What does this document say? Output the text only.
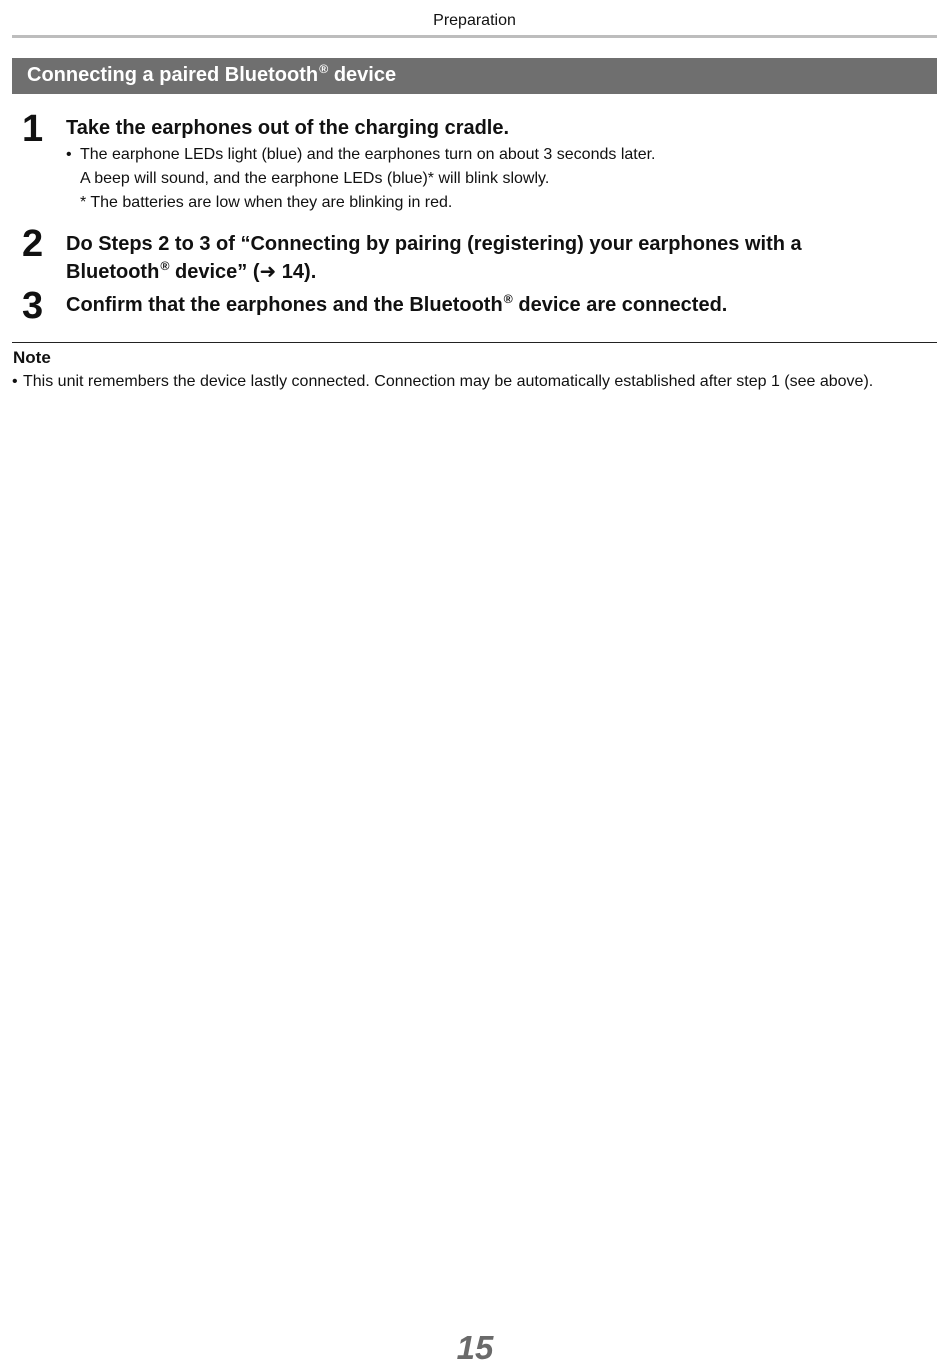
Preparation
Connecting a paired Bluetooth® device
1 Take the earphones out of the charging cradle.
• The earphone LEDs light (blue) and the earphones turn on about 3 seconds later.
A beep will sound, and the earphone LEDs (blue)* will blink slowly.
* The batteries are low when they are blinking in red.
2 Do Steps 2 to 3 of “Connecting by pairing (registering) your earphones with a
Bluetooth® device” (➜ 14).
3 Confirm that the earphones and the Bluetooth® device are connected.
Note
• This unit remembers the device lastly connected. Connection may be automatically established after step 1 (see above).
15
